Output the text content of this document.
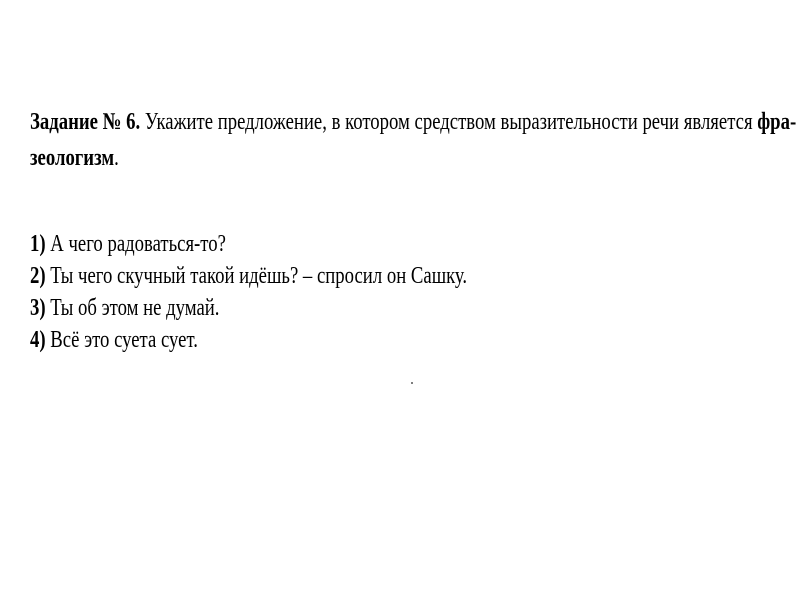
Задание № 6. Укажите предложение, в котором средством выразительности речи является фра-
зеологизм.
1) А чего радоваться-то?
2) Ты чего скучный такой идёшь? – спросил он Сашку.
3) Ты об этом не думай.
4) Всё это суета сует.
